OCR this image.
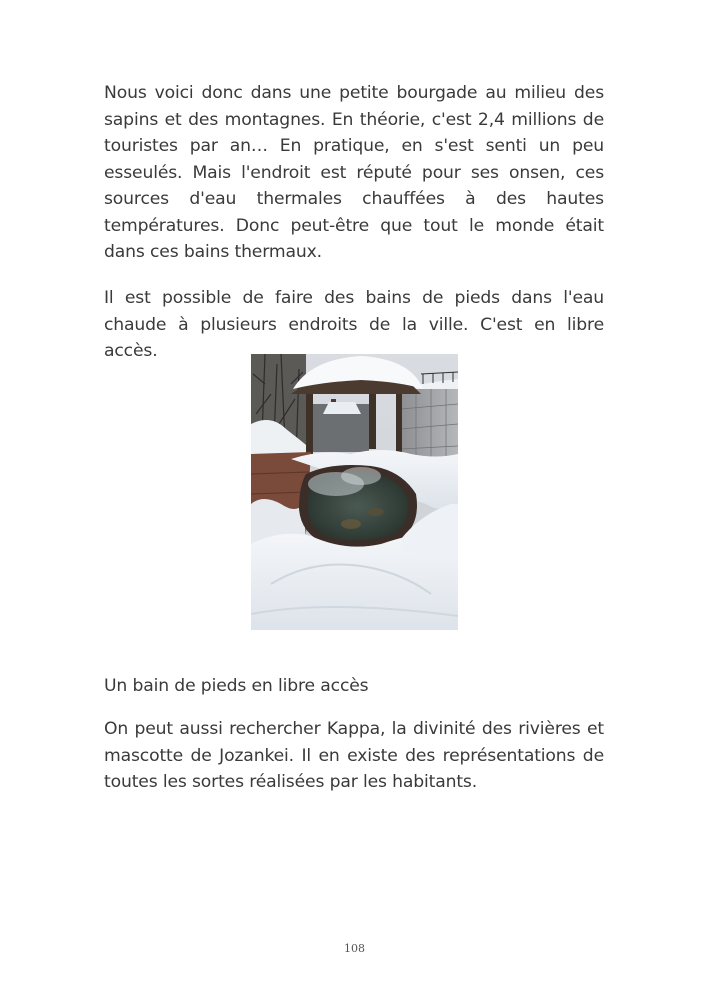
Nous voici donc dans une petite bourgade au milieu des sapins et des montagnes. En théorie, c'est 2,4 millions de touristes par an… En pratique, en s'est senti un peu esseulés. Mais l'endroit est réputé pour ses onsen, ces sources d'eau thermales chauffées à des hautes températures. Donc peut-être que tout le monde était dans ces bains thermaux.

Il est possible de faire des bains de pieds dans l'eau chaude à plusieurs endroits de la ville. C'est en libre accès.

Un bain de pieds en libre accès

On peut aussi rechercher Kappa, la divinité des rivières et mascotte de Jozankei. Il en existe des représentations de toutes les sortes réalisées par les habitants.

108
